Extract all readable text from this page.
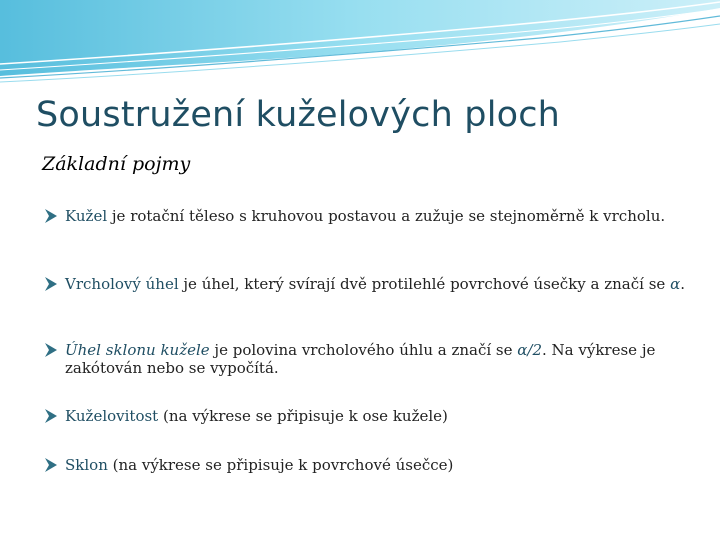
Soustružení kuželových ploch
Základní pojmy
Kužel je rotační těleso s kruhovou postavou a zužuje se stejnoměrně k vrcholu.
Vrcholový úhel je úhel, který svírají dvě protilehlé povrchové úsečky a značí se α.
Úhel sklonu kužele je polovina vrcholového úhlu a značí se α/2. Na výkrese je zakótován nebo se vypočítá.
Kuželovitost (na výkrese se připisuje k ose kužele)
Sklon (na výkrese se připisuje k povrchové úsečce)
